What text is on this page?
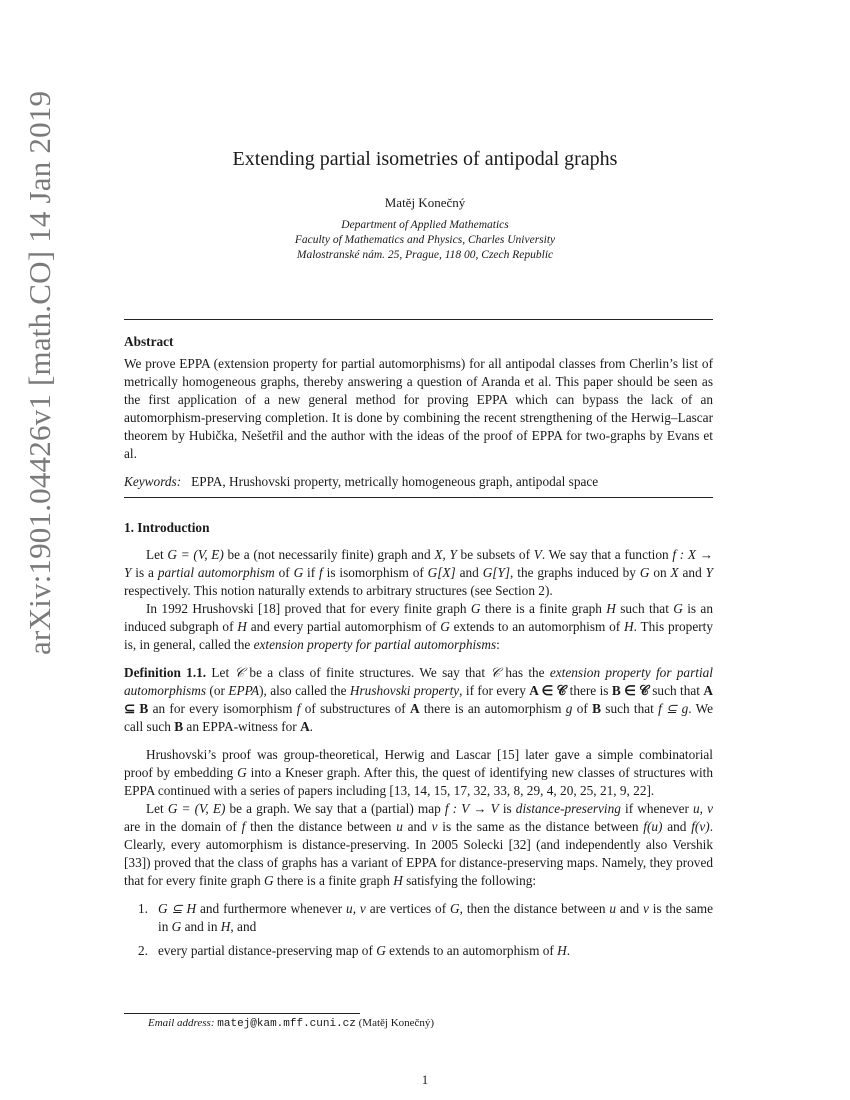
arXiv:1901.04426v1 [math.CO] 14 Jan 2019	Extending partial isometries of antipodal graphs
Matěj Konečný
Department of Applied Mathematics
Faculty of Mathematics and Physics, Charles University
Malostranské nám. 25, Prague, 118 00, Czech Republic
Abstract

We prove EPPA (extension property for partial automorphisms) for all antipodal classes from Cherlin’s list of metrically homogeneous graphs, thereby answering a question of Aranda et al. This paper should be seen as the first application of a new general method for proving EPPA which can bypass the lack of an automorphism-preserving completion. It is done by combining the recent strengthening of the Herwig–Lascar theorem by Hubička, Nešetřil and the author with the ideas of the proof of EPPA for two-graphs by Evans et al.

Keywords: EPPA, Hrushovski property, metrically homogeneous graph, antipodal space

1. Introduction

Let G = (V, E) be a (not necessarily finite) graph and X, Y be subsets of V. We say that a function f : X → Y is a partial automorphism of G if f is isomorphism of G[X] and G[Y], the graphs induced by G on X and Y respectively. This notion naturally extends to arbitrary structures (see Section 2).

In 1992 Hrushovski [18] proved that for every finite graph G there is a finite graph H such that G is an induced subgraph of H and every partial automorphism of G extends to an automorphism of H. This property is, in general, called the extension property for partial automorphisms:

Definition 1.1. Let 𝒞 be a class of finite structures. We say that 𝒞 has the extension property for partial automorphisms (or EPPA), also called the Hrushovski property, if for every A ∈ 𝒞 there is B ∈ 𝒞 such that A ⊆ B an for every isomorphism f of substructures of A there is an automorphism g of B such that f ⊆ g. We call such B an EPPA-witness for A.

Hrushovski’s proof was group-theoretical, Herwig and Lascar [15] later gave a simple combinatorial proof by embedding G into a Kneser graph. After this, the quest of identifying new classes of structures with EPPA continued with a series of papers including [13, 14, 15, 17, 32, 33, 8, 29, 4, 20, 25, 21, 9, 22].

Let G = (V, E) be a graph. We say that a (partial) map f : V → V is distance-preserving if whenever u, v are in the domain of f then the distance between u and v is the same as the distance between f(u) and f(v). Clearly, every automorphism is distance-preserving. In 2005 Solecki [32] (and independently also Vershik [33]) proved that the class of graphs has a variant of EPPA for distance-preserving maps. Namely, they proved that for every finite graph G there is a finite graph H satisfying the following:

1. G ⊆ H and furthermore whenever u, v are vertices of G, then the distance between u and v is the same in G and in H, and
2. every partial distance-preserving map of G extends to an automorphism of H.
Email address: matej@kam.mff.cuni.cz (Matěj Konečný)
1
